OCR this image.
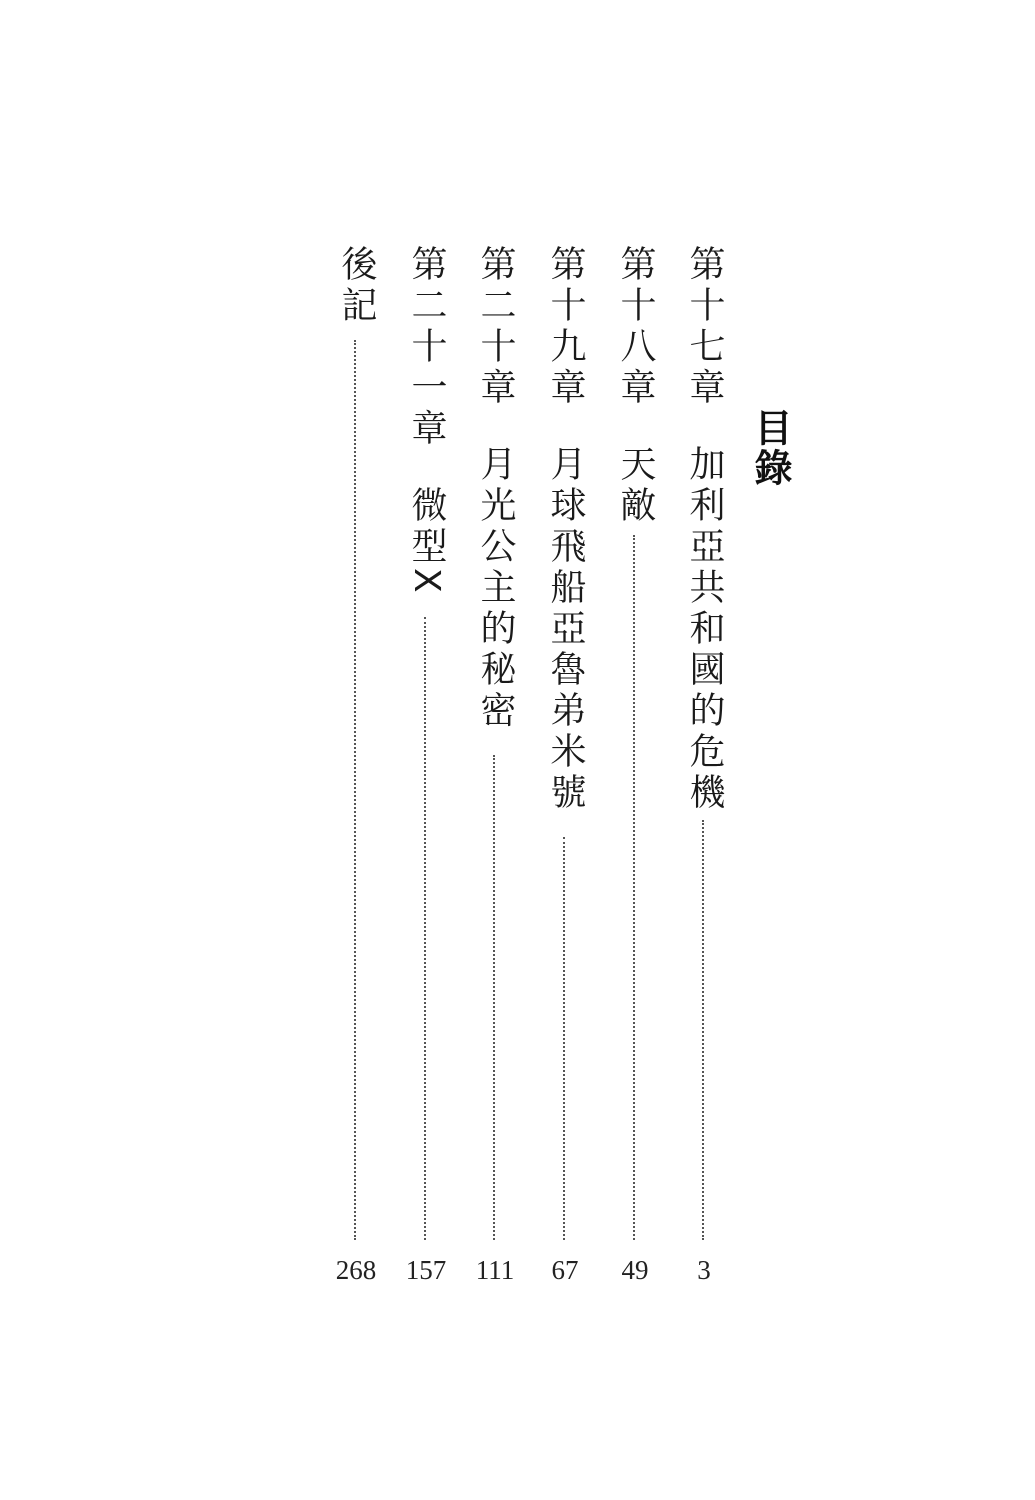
目錄
第十七章加利亞共和國的危機
3
第十八章天敵
49
第十九章月球飛船亞魯弟米號
67
第二十章月光公主的秘密
111
第二十一章微型X
157
後記
268
